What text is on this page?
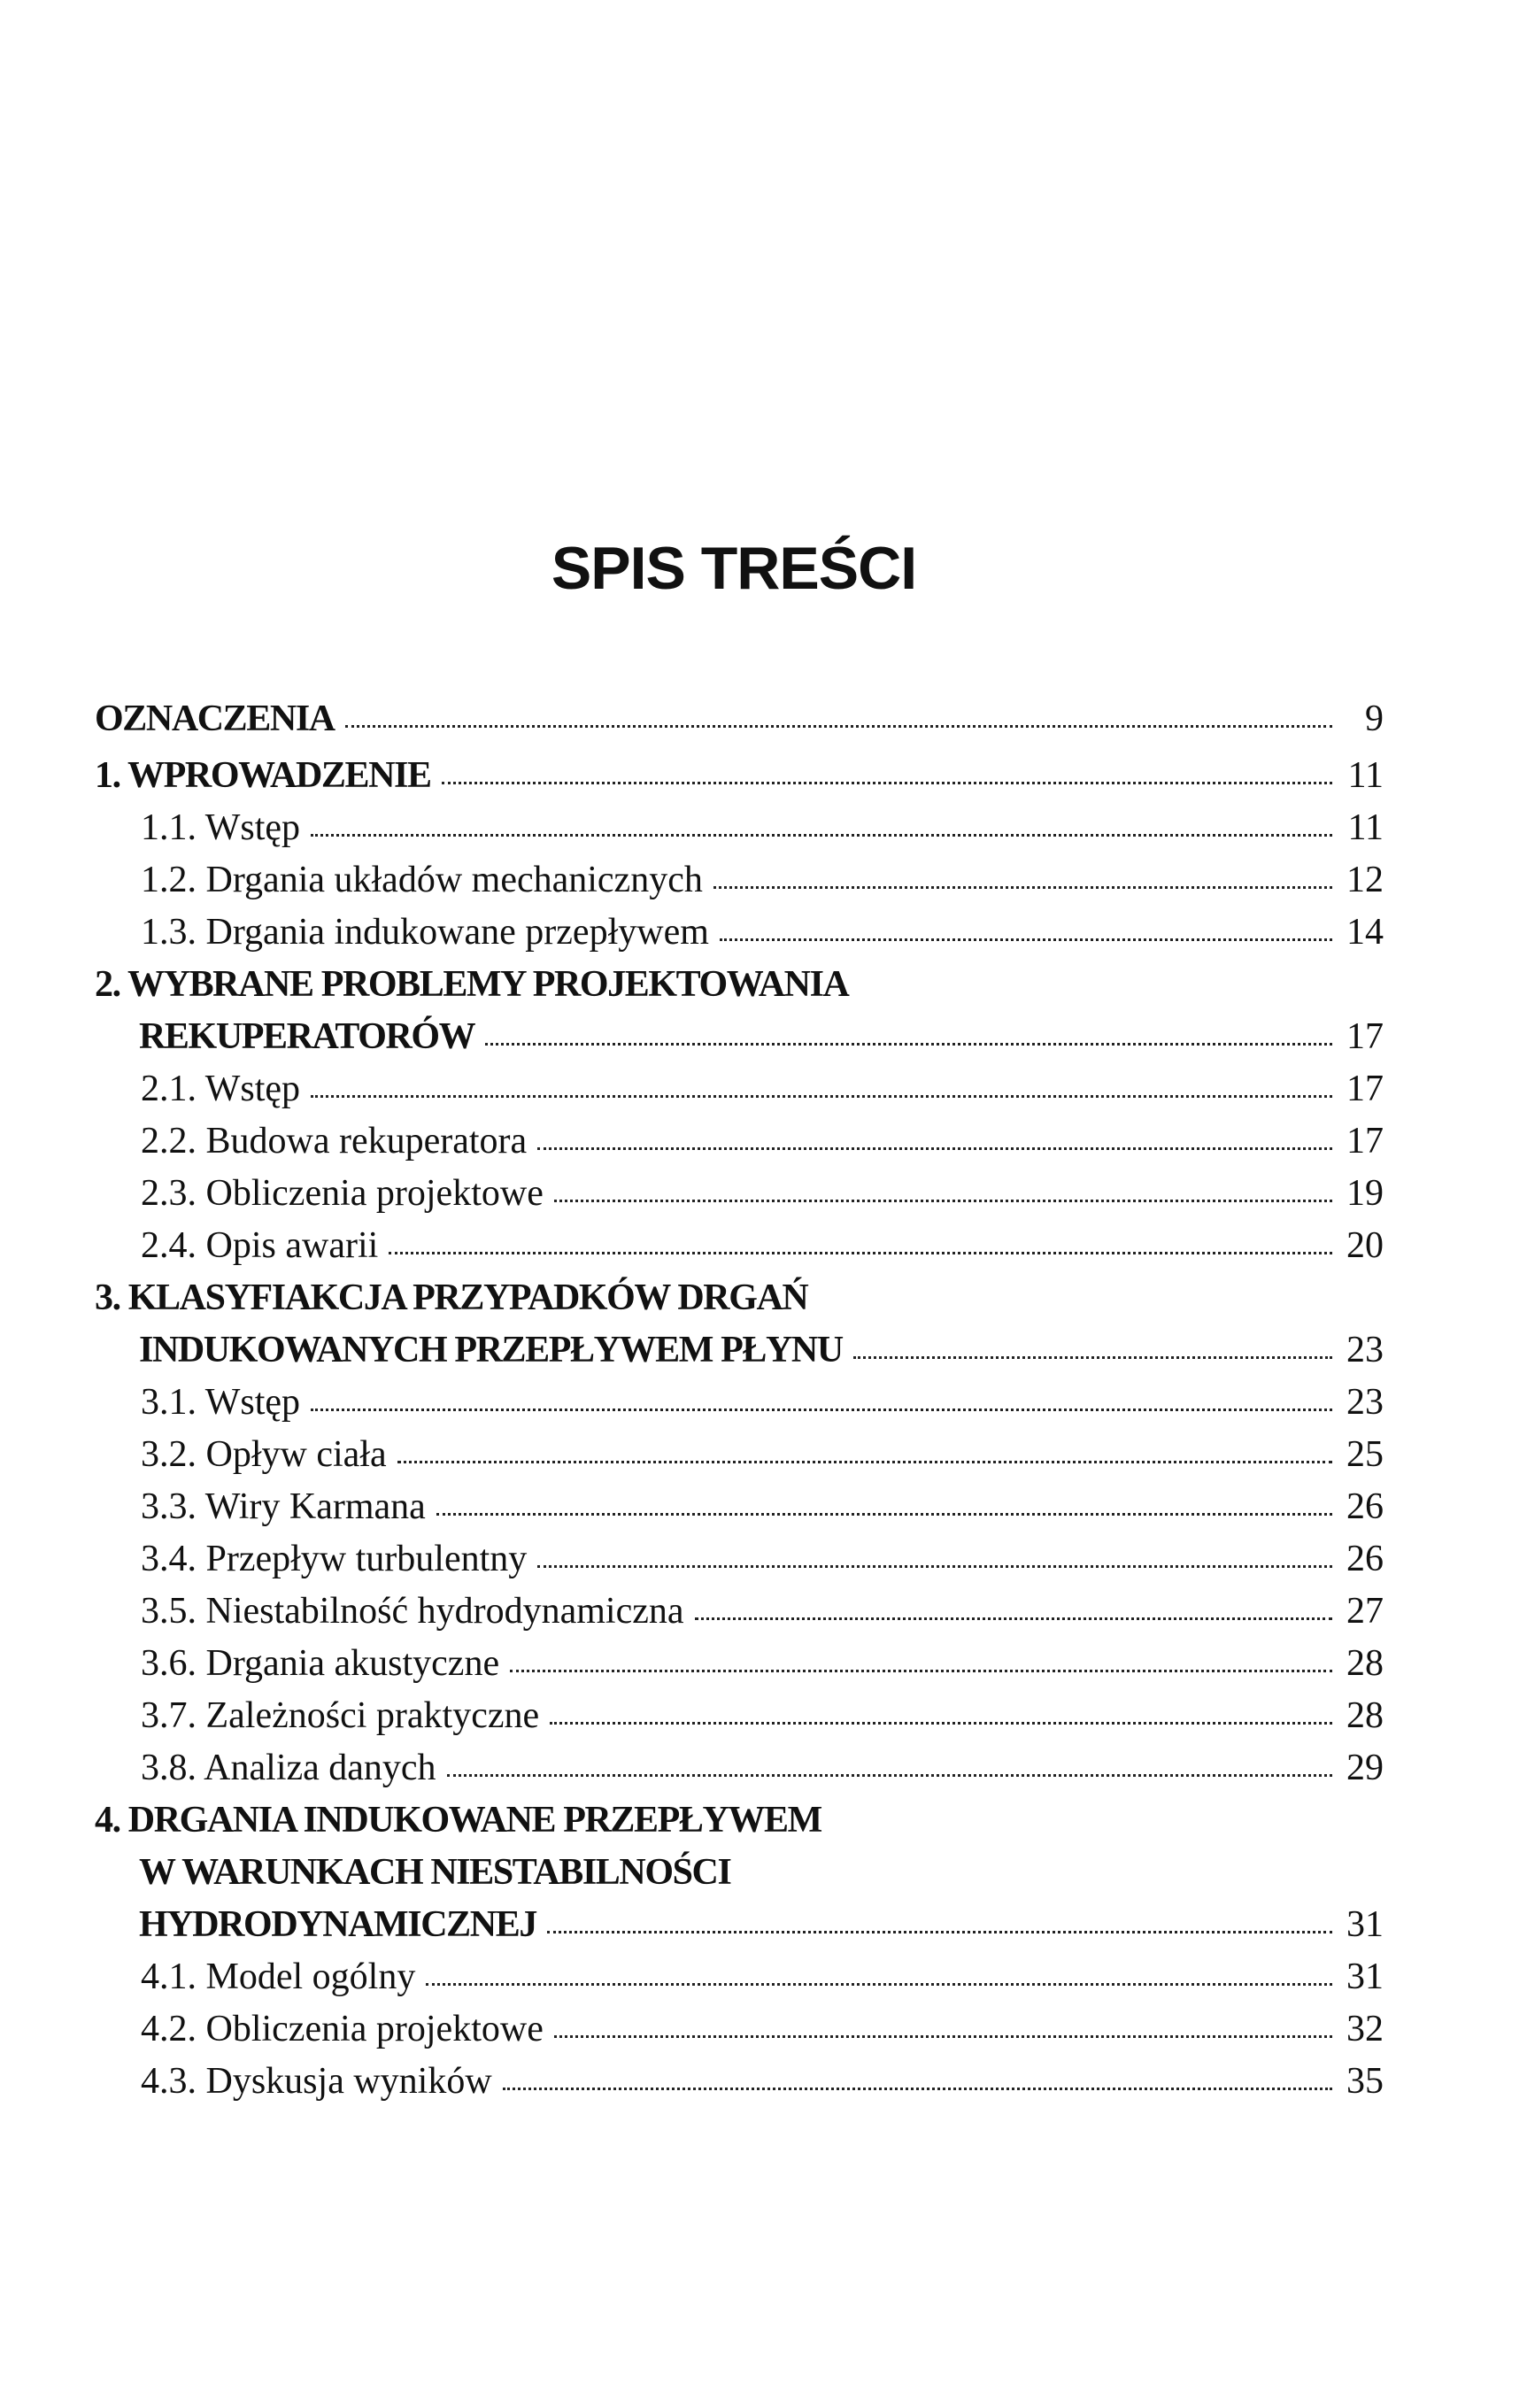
SPIS TREŚCI
OZNACZENIA	9
1. WPROWADZENIE	11
1.1. Wstęp	11
1.2. Drgania układów mechanicznych	12
1.3. Drgania indukowane przepływem	14
2. WYBRANE PROBLEMY PROJEKTOWANIA
REKUPERATORÓW	17
2.1. Wstęp	17
2.2. Budowa rekuperatora	17
2.3. Obliczenia projektowe	19
2.4. Opis awarii	20
3. KLASYFIAKCJA PRZYPADKÓW DRGAŃ
INDUKOWANYCH PRZEPŁYWEM PŁYNU	23
3.1. Wstęp	23
3.2. Opływ ciała	25
3.3. Wiry Karmana	26
3.4. Przepływ turbulentny	26
3.5. Niestabilność hydrodynamiczna	27
3.6. Drgania akustyczne	28
3.7. Zależności praktyczne	28
3.8. Analiza danych	29
4. DRGANIA INDUKOWANE PRZEPŁYWEM
W WARUNKACH NIESTABILNOŚCI
HYDRODYNAMICZNEJ	31
4.1. Model ogólny	31
4.2. Obliczenia projektowe	32
4.3. Dyskusja wyników	35
